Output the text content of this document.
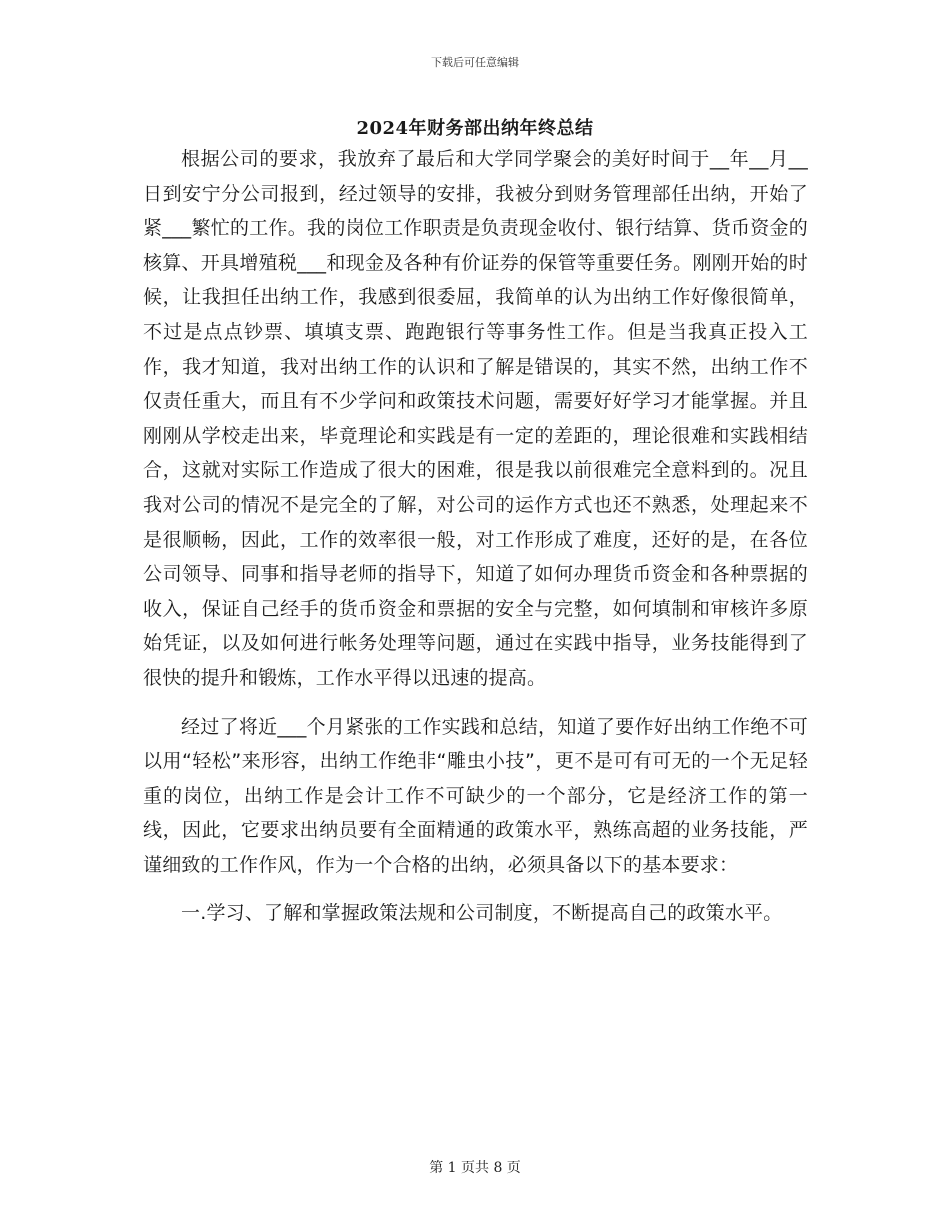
下载后可任意编辑
2024年财务部出纳年终总结

根据公司的要求，我放弃了最后和大学同学聚会的美好时间于__年__月__日到安宁分公司报到，经过领导的安排，我被分到财务管理部任出纳，开始了紧___繁忙的工作。我的岗位工作职责是负责现金收付、银行结算、货币资金的核算、开具增殖税___和现金及各种有价证券的保管等重要任务。刚刚开始的时候，让我担任出纳工作，我感到很委屈，我简单的认为出纳工作好像很简单，不过是点点钞票、填填支票、跑跑银行等事务性工作。但是当我真正投入工作，我才知道，我对出纳工作的认识和了解是错误的，其实不然，出纳工作不仅责任重大，而且有不少学问和政策技术问题，需要好好学习才能掌握。并且刚刚从学校走出来，毕竟理论和实践是有一定的差距的，理论很难和实践相结合，这就对实际工作造成了很大的困难，很是我以前很难完全意料到的。况且我对公司的情况不是完全的了解，对公司的运作方式也还不熟悉，处理起来不是很顺畅，因此，工作的效率很一般，对工作形成了难度，还好的是，在各位公司领导、同事和指导老师的指导下，知道了如何办理货币资金和各种票据的收入，保证自己经手的货币资金和票据的安全与完整，如何填制和审核许多原始凭证，以及如何进行帐务处理等问题，通过在实践中指导，业务技能得到了很快的提升和锻炼，工作水平得以迅速的提高。

经过了将近___个月紧张的工作实践和总结，知道了要作好出纳工作绝不可以用“轻松”来形容，出纳工作绝非“雕虫小技”，更不是可有可无的一个无足轻重的岗位，出纳工作是会计工作不可缺少的一个部分，它是经济工作的第一线，因此，它要求出纳员要有全面精通的政策水平，熟练高超的业务技能，严谨细致的工作作风，作为一个合格的出纳，必须具备以下的基本要求：

一.学习、了解和掌握政策法规和公司制度，不断提高自己的政策水平。

第 1 页共 8 页
